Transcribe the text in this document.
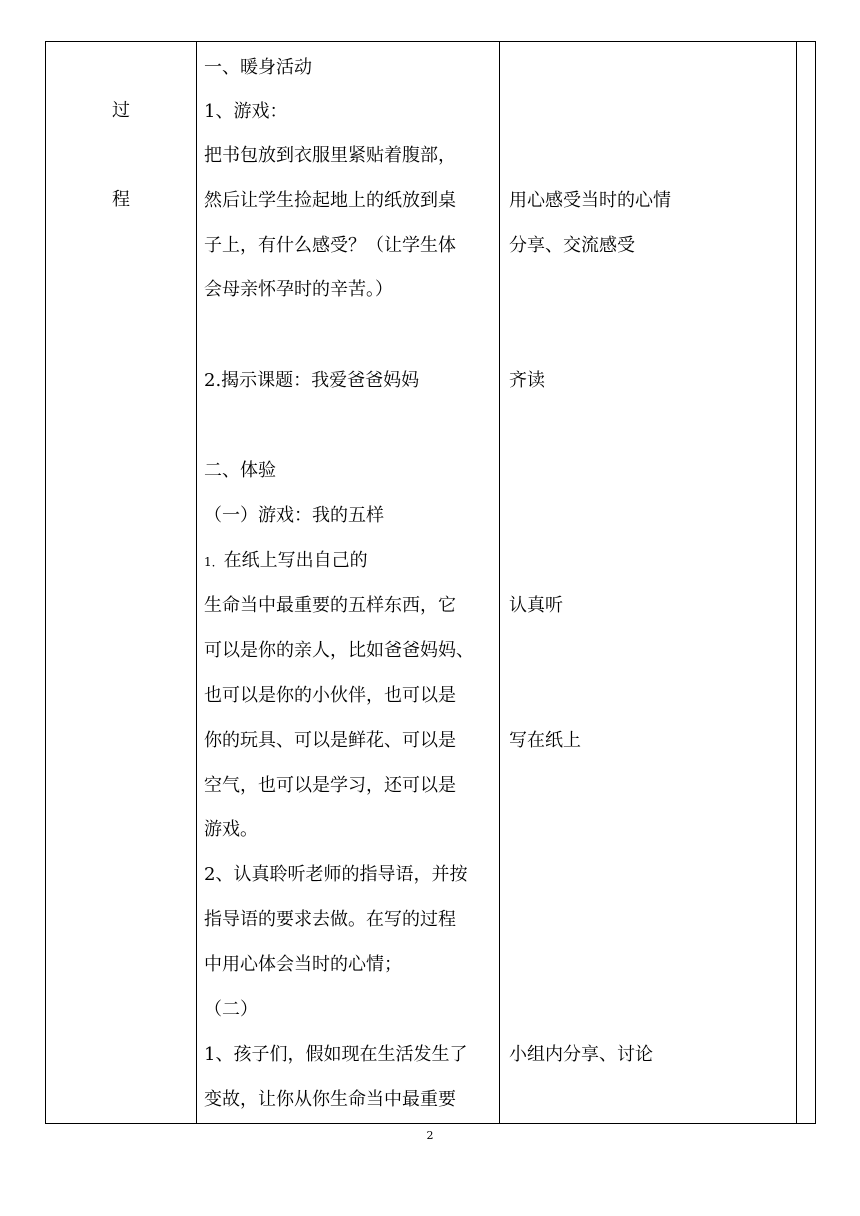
过
程
一、暖身活动
1、游戏：
把书包放到衣服里紧贴着腹部，
然后让学生捡起地上的纸放到桌
子上，有什么感受？（让学生体
会母亲怀孕时的辛苦。）
2.揭示课题：我爱爸爸妈妈
二、体验
（一）游戏：我的五样
1．在纸上写出自己的
生命当中最重要的五样东西，它
可以是你的亲人，比如爸爸妈妈、
也可以是你的小伙伴，也可以是
你的玩具、可以是鲜花、可以是
空气，也可以是学习，还可以是
游戏。
2、认真聆听老师的指导语，并按
指导语的要求去做。在写的过程
中用心体会当时的心情；
（二）
1、孩子们，假如现在生活发生了
变故，让你从你生命当中最重要
用心感受当时的心情
分享、交流感受
齐读
认真听
写在纸上
小组内分享、讨论
2
